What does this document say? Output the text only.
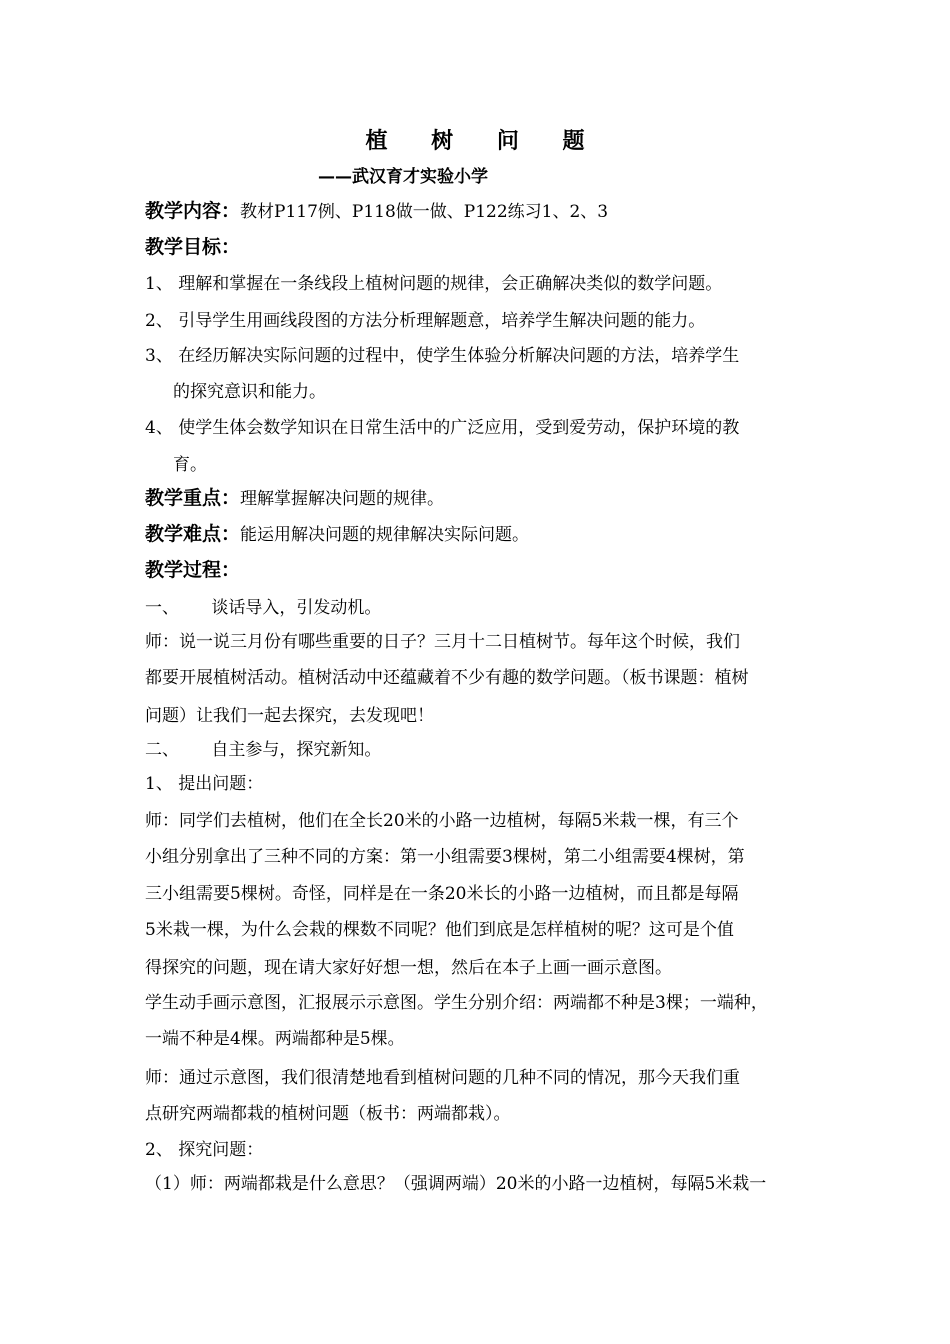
植 树 问 题
——武汉育才实验小学
教学内容：教材P117例、P118做一做、P122练习1、2、3
教学目标：
1、 理解和掌握在一条线段上植树问题的规律，会正确解决类似的数学问题。
2、 引导学生用画线段图的方法分析理解题意，培养学生解决问题的能力。
3、 在经历解决实际问题的过程中，使学生体验分析解决问题的方法，培养学生
的探究意识和能力。
4、 使学生体会数学知识在日常生活中的广泛应用，受到爱劳动，保护环境的教
育。
教学重点：理解掌握解决问题的规律。
教学难点：能运用解决问题的规律解决实际问题。
教学过程：
一、      谈话导入，引发动机。
师：说一说三月份有哪些重要的日子？三月十二日植树节。每年这个时候，我们
都要开展植树活动。植树活动中还蕴藏着不少有趣的数学问题。（板书课题：植树
问题）让我们一起去探究，去发现吧！
二、      自主参与，探究新知。
1、 提出问题：
师：同学们去植树，他们在全长20米的小路一边植树，每隔5米栽一棵，有三个
小组分别拿出了三种不同的方案：第一小组需要3棵树，第二小组需要4棵树，第
三小组需要5棵树。奇怪，同样是在一条20米长的小路一边植树，而且都是每隔
5米栽一棵，为什么会栽的棵数不同呢？他们到底是怎样植树的呢？这可是个值
得探究的问题，现在请大家好好想一想，然后在本子上画一画示意图。
学生动手画示意图，汇报展示示意图。学生分别介绍：两端都不种是3棵；一端种，
一端不种是4棵。两端都种是5棵。
师：通过示意图，我们很清楚地看到植树问题的几种不同的情况，那今天我们重
点研究两端都栽的植树问题（板书：两端都栽）。
2、 探究问题：
（1）师：两端都栽是什么意思？（强调两端）20米的小路一边植树，每隔5米栽一
